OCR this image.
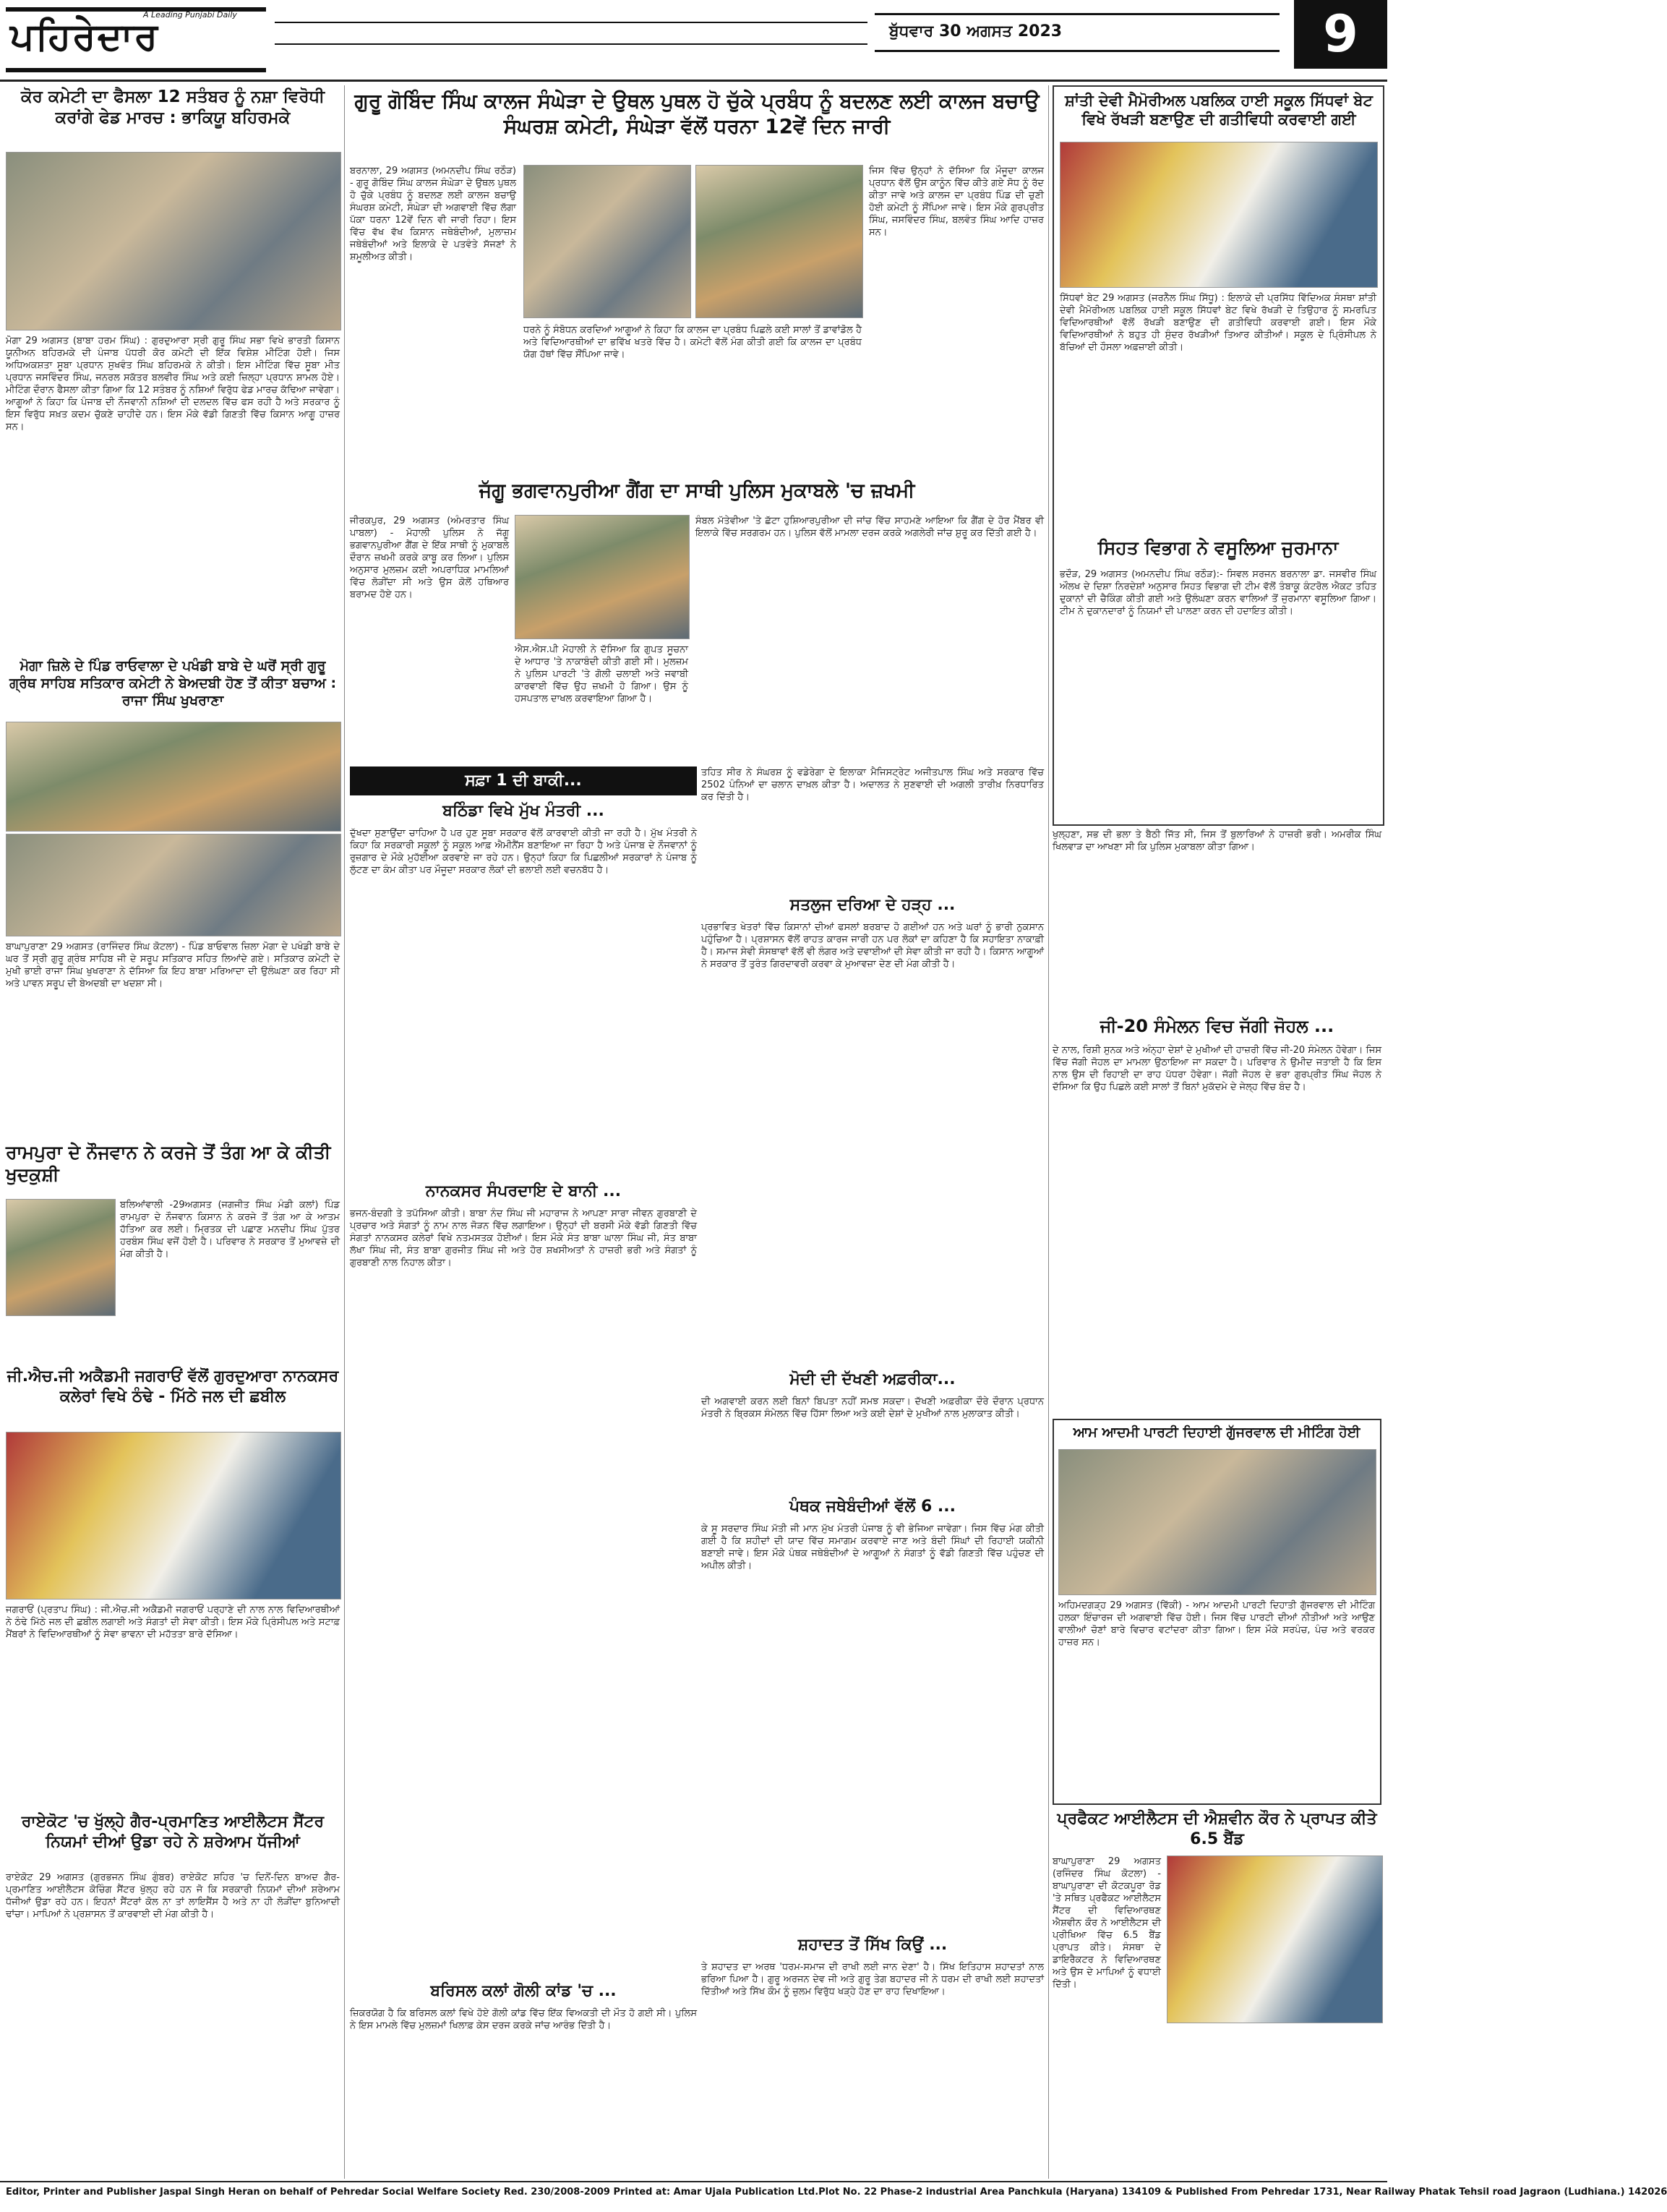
ਪਹਿਰੇਦਾਰ
A Leading Punjabi Daily
ਬੁੱਧਵਾਰ 30 ਅਗਸਤ 2023	9
ਕੋਰ ਕਮੇਟੀ ਦਾ ਫੈਸਲਾ 12 ਸਤੰਬਰ ਨੂੰ ਨਸ਼ਾ ਵਿਰੋਧੀ ਕਰਾਂਗੇ ਫੇਡ ਮਾਰਚ : ਭਾਕਿਯੂ ਬਹਿਰਮਕੇ
ਮੋਗਾ 29 ਅਗਸਤ (ਬਾਬਾ ਹਰਮ ਸਿੰਘ) : ਗੁਰਦੁਆਰਾ ਸ੍ਰੀ ਗੁਰੂ ਸਿੰਘ ਸਭਾ ਵਿਖੇ ਭਾਰਤੀ ਕਿਸਾਨ ਯੂਨੀਅਨ ਬਹਿਰਮਕੇ ਦੀ ਪੰਜਾਬ ਪੱਧਰੀ ਕੋਰ ਕਮੇਟੀ ਦੀ ਇੱਕ ਵਿਸ਼ੇਸ਼ ਮੀਟਿੰਗ ਹੋਈ। ਜਿਸ ਅਧਿਅਕਸ਼ਤਾ ਸੂਬਾ ਪ੍ਰਧਾਨ ਸੁਖਵੰਤ ਸਿੰਘ ਬਹਿਰਮਕੇ ਨੇ ਕੀਤੀ। ਇਸ ਮੀਟਿੰਗ ਵਿੱਚ ਸੂਬਾ ਮੀਤ ਪ੍ਰਧਾਨ ਜਸਵਿੰਦਰ ਸਿੰਘ, ਜਨਰਲ ਸਕੱਤਰ ਬਲਵੀਰ ਸਿੰਘ ਅਤੇ ਕਈ ਜ਼ਿਲ੍ਹਾ ਪ੍ਰਧਾਨ ਸ਼ਾਮਲ ਹੋਏ। ਮੀਟਿੰਗ ਦੌਰਾਨ ਫੈਸਲਾ ਕੀਤਾ ਗਿਆ ਕਿ 12 ਸਤੰਬਰ ਨੂੰ ਨਸ਼ਿਆਂ ਵਿਰੁੱਧ ਫੇਡ ਮਾਰਚ ਕੱਢਿਆ ਜਾਵੇਗਾ। ਆਗੂਆਂ ਨੇ ਕਿਹਾ ਕਿ ਪੰਜਾਬ ਦੀ ਨੌਜਵਾਨੀ ਨਸ਼ਿਆਂ ਦੀ ਦਲਦਲ ਵਿੱਚ ਫਸ ਰਹੀ ਹੈ ਅਤੇ ਸਰਕਾਰ ਨੂੰ ਇਸ ਵਿਰੁੱਧ ਸਖ਼ਤ ਕਦਮ ਚੁੱਕਣੇ ਚਾਹੀਦੇ ਹਨ। ਇਸ ਮੌਕੇ ਵੱਡੀ ਗਿਣਤੀ ਵਿੱਚ ਕਿਸਾਨ ਆਗੂ ਹਾਜ਼ਰ ਸਨ।
ਮੋਗਾ ਜ਼ਿਲੇ ਦੇ ਪਿੰਡ ਰਾਓਵਾਲਾ ਦੇ ਪਖੰਡੀ ਬਾਬੇ ਦੇ ਘਰੋਂ ਸ੍ਰੀ ਗੁਰੂ ਗ੍ਰੰਥ ਸਾਹਿਬ ਸਤਿਕਾਰ ਕਮੇਟੀ ਨੇ ਬੇਅਦਬੀ ਹੋਣ ਤੋਂ ਕੀਤਾ ਬਚਾਅ : ਰਾਜਾ ਸਿੰਘ ਖੁਖਰਾਣਾ
ਬਾਘਾਪੁਰਾਣਾ 29 ਅਗਸਤ (ਰਾਜਿੰਦਰ ਸਿੰਘ ਕੋਟਲਾ) - ਪਿੰਡ ਬਾਓਵਾਲ ਜ਼ਿਲਾ ਮੋਗਾ ਦੇ ਪਖੰਡੀ ਬਾਬੇ ਦੇ ਘਰ ਤੋਂ ਸ੍ਰੀ ਗੁਰੂ ਗ੍ਰੰਥ ਸਾਹਿਬ ਜੀ ਦੇ ਸਰੂਪ ਸਤਿਕਾਰ ਸਹਿਤ ਲਿਆਂਦੇ ਗਏ। ਸਤਿਕਾਰ ਕਮੇਟੀ ਦੇ ਮੁਖੀ ਭਾਈ ਰਾਜਾ ਸਿੰਘ ਖੁਖਰਾਣਾ ਨੇ ਦੱਸਿਆ ਕਿ ਇਹ ਬਾਬਾ ਮਰਿਆਦਾ ਦੀ ਉਲੰਘਣਾ ਕਰ ਰਿਹਾ ਸੀ ਅਤੇ ਪਾਵਨ ਸਰੂਪ ਦੀ ਬੇਅਦਬੀ ਦਾ ਖਦਸ਼ਾ ਸੀ।
ਰਾਮਪੁਰਾ ਦੇ ਨੌਜਵਾਨ ਨੇ ਕਰਜੇ ਤੋਂ ਤੰਗ ਆ ਕੇ ਕੀਤੀ ਖੁਦਕੁਸ਼ੀ
ਬਲਿਆਂਵਾਲੀ -29ਅਗਸਤ (ਜਗਜੀਤ ਸਿੰਘ ਮੰਡੀ ਕਲਾਂ) ਪਿੰਡ ਰਾਮਪੁਰਾ ਦੇ ਨੌਜਵਾਨ ਕਿਸਾਨ ਨੇ ਕਰਜੇ ਤੋਂ ਤੰਗ ਆ ਕੇ ਆਤਮ ਹੱਤਿਆ ਕਰ ਲਈ। ਮ੍ਰਿਤਕ ਦੀ ਪਛਾਣ ਮਨਦੀਪ ਸਿੰਘ ਪੁੱਤਰ ਹਰਬੰਸ ਸਿੰਘ ਵਜੋਂ ਹੋਈ ਹੈ। ਪਰਿਵਾਰ ਨੇ ਸਰਕਾਰ ਤੋਂ ਮੁਆਵਜ਼ੇ ਦੀ ਮੰਗ ਕੀਤੀ ਹੈ।
ਜੀ.ਐਚ.ਜੀ ਅਕੈਡਮੀ ਜਗਰਾਓਂ ਵੱਲੋਂ ਗੁਰਦੁਆਰਾ ਨਾਨਕਸਰ ਕਲੇਰਾਂ ਵਿਖੇ ਠੰਢੇ - ਮਿੱਠੇ ਜਲ ਦੀ ਛਬੀਲ
ਜਗਰਾਓਂ (ਪ੍ਰਤਾਪ ਸਿੰਘ) : ਜੀ.ਐਚ.ਜੀ ਅਕੈਡਮੀ ਜਗਰਾਓਂ ਪਰ੍ਹਾਣੇ ਦੀ ਨਾਲ ਨਾਲ ਵਿਦਿਆਰਥੀਆਂ ਨੇ ਠੰਢੇ ਮਿੱਠੇ ਜਲ ਦੀ ਛਬੀਲ ਲਗਾਈ ਅਤੇ ਸੰਗਤਾਂ ਦੀ ਸੇਵਾ ਕੀਤੀ। ਇਸ ਮੌਕੇ ਪ੍ਰਿੰਸੀਪਲ ਅਤੇ ਸਟਾਫ਼ ਮੈਂਬਰਾਂ ਨੇ ਵਿਦਿਆਰਥੀਆਂ ਨੂੰ ਸੇਵਾ ਭਾਵਨਾ ਦੀ ਮਹੱਤਤਾ ਬਾਰੇ ਦੱਸਿਆ।
ਰਾਏਕੋਟ 'ਚ ਖੁੱਲ੍ਹੇ ਗੈਰ-ਪ੍ਰਮਾਣਿਤ ਆਈਲੈਟਸ ਸੈਂਟਰ ਨਿਯਮਾਂ ਦੀਆਂ ਉਡਾ ਰਹੇ ਨੇ ਸ਼ਰੇਆਮ ਧੱਜੀਆਂ
ਰਾਏਕੋਟ 29 ਅਗਸਤ (ਗੁਰਭਜਨ ਸਿੰਘ ਗੁੰਬਰ) ਰਾਏਕੋਟ ਸ਼ਹਿਰ 'ਚ ਦਿਨੋਂ-ਦਿਨ ਬਾਅਦ ਗੈਰ-ਪ੍ਰਮਾਣਿਤ ਆਈਲੈਟਸ ਕੋਚਿੰਗ ਸੈਂਟਰ ਖੁੱਲ੍ਹ ਰਹੇ ਹਨ ਜੋ ਕਿ ਸਰਕਾਰੀ ਨਿਯਮਾਂ ਦੀਆਂ ਸ਼ਰੇਆਮ ਧੱਜੀਆਂ ਉਡਾ ਰਹੇ ਹਨ। ਇਹਨਾਂ ਸੈਂਟਰਾਂ ਕੋਲ ਨਾ ਤਾਂ ਲਾਇਸੈਂਸ ਹੈ ਅਤੇ ਨਾ ਹੀ ਲੋੜੀਂਦਾ ਬੁਨਿਆਦੀ ਢਾਂਚਾ। ਮਾਪਿਆਂ ਨੇ ਪ੍ਰਸ਼ਾਸਨ ਤੋਂ ਕਾਰਵਾਈ ਦੀ ਮੰਗ ਕੀਤੀ ਹੈ।
ਗੁਰੂ ਗੋਬਿੰਦ ਸਿੰਘ ਕਾਲਜ ਸੰਘੇੜਾ ਦੇ ਉਥਲ ਪੁਥਲ ਹੋ ਚੁੱਕੇ ਪ੍ਰਬੰਧ ਨੂੰ ਬਦਲਣ ਲਈ ਕਾਲਜ ਬਚਾਉ ਸੰਘਰਸ਼ ਕਮੇਟੀ, ਸੰਘੇੜਾ ਵੱਲੋਂ ਧਰਨਾ 12ਵੇਂ ਦਿਨ ਜਾਰੀ
ਬਰਨਾਲਾ, 29 ਅਗਸਤ (ਅਮਨਦੀਪ ਸਿੰਘ ਰਠੌੜ) - ਗੁਰੂ ਗੋਬਿੰਦ ਸਿੰਘ ਕਾਲਜ ਸੰਘੇੜਾ ਦੇ ਉਥਲ ਪੁਥਲ ਹੋ ਚੁੱਕੇ ਪ੍ਰਬੰਧ ਨੂੰ ਬਦਲਣ ਲਈ ਕਾਲਜ ਬਚਾਉ ਸੰਘਰਸ਼ ਕਮੇਟੀ, ਸੰਘੇੜਾ ਦੀ ਅਗਵਾਈ ਵਿੱਚ ਲੱਗਾ ਪੱਕਾ ਧਰਨਾ 12ਵੇਂ ਦਿਨ ਵੀ ਜਾਰੀ ਰਿਹਾ। ਇਸ ਵਿੱਚ ਵੱਖ ਵੱਖ ਕਿਸਾਨ ਜਥੇਬੰਦੀਆਂ, ਮੁਲਾਜ਼ਮ ਜਥੇਬੰਦੀਆਂ ਅਤੇ ਇਲਾਕੇ ਦੇ ਪਤਵੰਤੇ ਸੱਜਣਾਂ ਨੇ ਸ਼ਮੂਲੀਅਤ ਕੀਤੀ।
ਧਰਨੇ ਨੂੰ ਸੰਬੋਧਨ ਕਰਦਿਆਂ ਆਗੂਆਂ ਨੇ ਕਿਹਾ ਕਿ ਕਾਲਜ ਦਾ ਪ੍ਰਬੰਧ ਪਿਛਲੇ ਕਈ ਸਾਲਾਂ ਤੋਂ ਡਾਵਾਂਡੋਲ ਹੈ ਅਤੇ ਵਿਦਿਆਰਥੀਆਂ ਦਾ ਭਵਿੱਖ ਖਤਰੇ ਵਿੱਚ ਹੈ। ਕਮੇਟੀ ਵੱਲੋਂ ਮੰਗ ਕੀਤੀ ਗਈ ਕਿ ਕਾਲਜ ਦਾ ਪ੍ਰਬੰਧ ਯੋਗ ਹੱਥਾਂ ਵਿੱਚ ਸੌਂਪਿਆ ਜਾਵੇ।
ਜਿਸ ਵਿੱਚ ਉਨ੍ਹਾਂ ਨੇ ਦੱਸਿਆ ਕਿ ਮੌਜੂਦਾ ਕਾਲਜ ਪ੍ਰਧਾਨ ਵੱਲੋਂ ਉਸ ਕਾਨੂੰਨ ਵਿੱਚ ਕੀਤੇ ਗਏ ਸੋਧ ਨੂੰ ਰੱਦ ਕੀਤਾ ਜਾਵੇ ਅਤੇ ਕਾਲਜ ਦਾ ਪ੍ਰਬੰਧ ਪਿੰਡ ਦੀ ਚੁਣੀ ਹੋਈ ਕਮੇਟੀ ਨੂੰ ਸੌਂਪਿਆ ਜਾਵੇ। ਇਸ ਮੌਕੇ ਗੁਰਪ੍ਰੀਤ ਸਿੰਘ, ਜਸਵਿੰਦਰ ਸਿੰਘ, ਬਲਵੰਤ ਸਿੰਘ ਆਦਿ ਹਾਜ਼ਰ ਸਨ।
ਜੱਗੂ ਭਗਵਾਨਪੁਰੀਆ ਗੈਂਗ ਦਾ ਸਾਥੀ ਪੁਲਿਸ ਮੁਕਾਬਲੇ 'ਚ ਜ਼ਖਮੀ
ਜੀਰਕਪੁਰ, 29 ਅਗਸਤ (ਅੰਮਰਤਾਰ ਸਿੰਘ ਪਾਬਲਾ) - ਮੋਹਾਲੀ ਪੁਲਿਸ ਨੇ ਜੱਗੂ ਭਗਵਾਨਪੁਰੀਆ ਗੈਂਗ ਦੇ ਇੱਕ ਸਾਥੀ ਨੂੰ ਮੁਕਾਬਲੇ ਦੌਰਾਨ ਜ਼ਖਮੀ ਕਰਕੇ ਕਾਬੂ ਕਰ ਲਿਆ। ਪੁਲਿਸ ਅਨੁਸਾਰ ਮੁਲਜ਼ਮ ਕਈ ਅਪਰਾਧਿਕ ਮਾਮਲਿਆਂ ਵਿੱਚ ਲੋੜੀਂਦਾ ਸੀ ਅਤੇ ਉਸ ਕੋਲੋਂ ਹਥਿਆਰ ਬਰਾਮਦ ਹੋਏ ਹਨ।
ਐਸ.ਐਸ.ਪੀ ਮੋਹਾਲੀ ਨੇ ਦੱਸਿਆ ਕਿ ਗੁਪਤ ਸੂਚਨਾ ਦੇ ਆਧਾਰ 'ਤੇ ਨਾਕਾਬੰਦੀ ਕੀਤੀ ਗਈ ਸੀ। ਮੁਲਜ਼ਮ ਨੇ ਪੁਲਿਸ ਪਾਰਟੀ 'ਤੇ ਗੋਲੀ ਚਲਾਈ ਅਤੇ ਜਵਾਬੀ ਕਾਰਵਾਈ ਵਿੱਚ ਉਹ ਜ਼ਖਮੀ ਹੋ ਗਿਆ। ਉਸ ਨੂੰ ਹਸਪਤਾਲ ਦਾਖਲ ਕਰਵਾਇਆ ਗਿਆ ਹੈ।
ਸੰਬਲ ਮੱਤੇਵੀਆ 'ਤੇ ਛੱਟਾ ਹੁਸ਼ਿਆਰਪੁਰੀਆ ਦੀ ਜਾਂਚ ਵਿੱਚ ਸਾਹਮਣੇ ਆਇਆ ਕਿ ਗੈਂਗ ਦੇ ਹੋਰ ਮੈਂਬਰ ਵੀ ਇਲਾਕੇ ਵਿੱਚ ਸਰਗਰਮ ਹਨ। ਪੁਲਿਸ ਵੱਲੋਂ ਮਾਮਲਾ ਦਰਜ ਕਰਕੇ ਅਗਲੇਰੀ ਜਾਂਚ ਸ਼ੁਰੂ ਕਰ ਦਿੱਤੀ ਗਈ ਹੈ।
ਸ਼ਾਂਤੀ ਦੇਵੀ ਮੈਮੋਰੀਅਲ ਪਬਲਿਕ ਹਾਈ ਸਕੂਲ ਸਿੱਧਵਾਂ ਬੇਟ ਵਿਖੇ ਰੱਖੜੀ ਬਣਾਉਣ ਦੀ ਗਤੀਵਿਧੀ ਕਰਵਾਈ ਗਈ
ਸਿੱਧਵਾਂ ਬੇਟ 29 ਅਗਸਤ (ਜਰਨੈਲ ਸਿੰਘ ਸਿੱਧੂ) : ਇਲਾਕੇ ਦੀ ਪ੍ਰਸਿੱਧ ਵਿੱਦਿਅਕ ਸੰਸਥਾ ਸ਼ਾਂਤੀ ਦੇਵੀ ਮੈਮੋਰੀਅਲ ਪਬਲਿਕ ਹਾਈ ਸਕੂਲ ਸਿੱਧਵਾਂ ਬੇਟ ਵਿਖੇ ਰੱਖੜੀ ਦੇ ਤਿਉਹਾਰ ਨੂੰ ਸਮਰਪਿਤ ਵਿਦਿਆਰਥੀਆਂ ਵੱਲੋਂ ਰੱਖੜੀ ਬਣਾਉਣ ਦੀ ਗਤੀਵਿਧੀ ਕਰਵਾਈ ਗਈ। ਇਸ ਮੌਕੇ ਵਿਦਿਆਰਥੀਆਂ ਨੇ ਬਹੁਤ ਹੀ ਸੁੰਦਰ ਰੱਖੜੀਆਂ ਤਿਆਰ ਕੀਤੀਆਂ। ਸਕੂਲ ਦੇ ਪ੍ਰਿੰਸੀਪਲ ਨੇ ਬੱਚਿਆਂ ਦੀ ਹੌਸਲਾ ਅਫ਼ਜ਼ਾਈ ਕੀਤੀ।
ਸਿਹਤ ਵਿਭਾਗ ਨੇ ਵਸੂਲਿਆ ਜੁਰਮਾਨਾ
ਭਦੌੜ, 29 ਅਗਸਤ (ਅਮਨਦੀਪ ਸਿੰਘ ਰਠੌੜ):- ਸਿਵਲ ਸਰਜਨ ਬਰਨਾਲਾ ਡਾ. ਜਸਵੀਰ ਸਿੰਘ ਔਲਖ ਦੇ ਦਿਸ਼ਾ ਨਿਰਦੇਸ਼ਾਂ ਅਨੁਸਾਰ ਸਿਹਤ ਵਿਭਾਗ ਦੀ ਟੀਮ ਵੱਲੋਂ ਤੰਬਾਕੂ ਕੰਟਰੋਲ ਐਕਟ ਤਹਿਤ ਦੁਕਾਨਾਂ ਦੀ ਚੈਕਿੰਗ ਕੀਤੀ ਗਈ ਅਤੇ ਉਲੰਘਣਾ ਕਰਨ ਵਾਲਿਆਂ ਤੋਂ ਜੁਰਮਾਨਾ ਵਸੂਲਿਆ ਗਿਆ। ਟੀਮ ਨੇ ਦੁਕਾਨਦਾਰਾਂ ਨੂੰ ਨਿਯਮਾਂ ਦੀ ਪਾਲਣਾ ਕਰਨ ਦੀ ਹਦਾਇਤ ਕੀਤੀ।
ਸਫ਼ਾ 1 ਦੀ ਬਾਕੀ...
ਬਠਿੰਡਾ ਵਿਖੇ ਮੁੱਖ ਮੰਤਰੀ ...
ਦੁੱਖਦਾ ਸੁਣਾਉਂਦਾ ਚਾਹਿਆ ਹੈ ਪਰ ਹੁਣ ਸੂਬਾ ਸਰਕਾਰ ਵੱਲੋਂ ਕਾਰਵਾਈ ਕੀਤੀ ਜਾ ਰਹੀ ਹੈ। ਮੁੱਖ ਮੰਤਰੀ ਨੇ ਕਿਹਾ ਕਿ ਸਰਕਾਰੀ ਸਕੂਲਾਂ ਨੂੰ ਸਕੂਲ ਆਫ਼ ਐਮੀਨੈਂਸ ਬਣਾਇਆ ਜਾ ਰਿਹਾ ਹੈ ਅਤੇ ਪੰਜਾਬ ਦੇ ਨੌਜਵਾਨਾਂ ਨੂੰ ਰੁਜ਼ਗਾਰ ਦੇ ਮੌਕੇ ਮੁਹੱਈਆ ਕਰਵਾਏ ਜਾ ਰਹੇ ਹਨ। ਉਨ੍ਹਾਂ ਕਿਹਾ ਕਿ ਪਿਛਲੀਆਂ ਸਰਕਾਰਾਂ ਨੇ ਪੰਜਾਬ ਨੂੰ ਲੁੱਟਣ ਦਾ ਕੰਮ ਕੀਤਾ ਪਰ ਮੌਜੂਦਾ ਸਰਕਾਰ ਲੋਕਾਂ ਦੀ ਭਲਾਈ ਲਈ ਵਚਨਬੱਧ ਹੈ।
ਨਾਨਕਸਰ ਸੰਪਰਦਾਇ ਦੇ ਬਾਨੀ ...
ਭਜਨ-ਬੰਦਗੀ ਤੇ ਤਪੱਸਿਆ ਕੀਤੀ। ਬਾਬਾ ਨੰਦ ਸਿੰਘ ਜੀ ਮਹਾਰਾਜ ਨੇ ਆਪਣਾ ਸਾਰਾ ਜੀਵਨ ਗੁਰਬਾਣੀ ਦੇ ਪ੍ਰਚਾਰ ਅਤੇ ਸੰਗਤਾਂ ਨੂੰ ਨਾਮ ਨਾਲ ਜੋੜਨ ਵਿੱਚ ਲਗਾਇਆ। ਉਨ੍ਹਾਂ ਦੀ ਬਰਸੀ ਮੌਕੇ ਵੱਡੀ ਗਿਣਤੀ ਵਿੱਚ ਸੰਗਤਾਂ ਨਾਨਕਸਰ ਕਲੇਰਾਂ ਵਿਖੇ ਨਤਮਸਤਕ ਹੋਈਆਂ। ਇਸ ਮੌਕੇ ਸੰਤ ਬਾਬਾ ਘਾਲਾ ਸਿੰਘ ਜੀ, ਸੰਤ ਬਾਬਾ ਲੱਖਾ ਸਿੰਘ ਜੀ, ਸੰਤ ਬਾਬਾ ਗੁਰਜੀਤ ਸਿੰਘ ਜੀ ਅਤੇ ਹੋਰ ਸ਼ਖਸੀਅਤਾਂ ਨੇ ਹਾਜ਼ਰੀ ਭਰੀ ਅਤੇ ਸੰਗਤਾਂ ਨੂੰ ਗੁਰਬਾਣੀ ਨਾਲ ਨਿਹਾਲ ਕੀਤਾ।
ਬਰਿਸਲ ਕਲਾਂ ਗੋਲੀ ਕਾਂਡ 'ਚ ...
ਜ਼ਿਕਰਯੋਗ ਹੈ ਕਿ ਬਰਿਸਲ ਕਲਾਂ ਵਿਖੇ ਹੋਏ ਗੋਲੀ ਕਾਂਡ ਵਿੱਚ ਇੱਕ ਵਿਅਕਤੀ ਦੀ ਮੌਤ ਹੋ ਗਈ ਸੀ। ਪੁਲਿਸ ਨੇ ਇਸ ਮਾਮਲੇ ਵਿੱਚ ਮੁਲਜ਼ਮਾਂ ਖਿਲਾਫ਼ ਕੇਸ ਦਰਜ ਕਰਕੇ ਜਾਂਚ ਆਰੰਭ ਦਿੱਤੀ ਹੈ।
ਤਹਿਤ ਸੀਰ ਨੇ ਸੰਘਰਸ਼ ਨੂੰ ਵਡੇਰੇਗਾ ਦੇ ਇਲਾਕਾ ਮੈਜਿਸਟ੍ਰੇਟ ਅਜੀਤਪਾਲ ਸਿੰਘ ਅਤੇ ਸਰਕਾਰ ਵਿੱਚ 2502 ਪੰਨਿਆਂ ਦਾ ਚਲਾਨ ਦਾਖ਼ਲ ਕੀਤਾ ਹੈ। ਅਦਾਲਤ ਨੇ ਸੁਣਵਾਈ ਦੀ ਅਗਲੀ ਤਾਰੀਖ਼ ਨਿਰਧਾਰਿਤ ਕਰ ਦਿੱਤੀ ਹੈ।
ਸਤਲੁਜ ਦਰਿਆ ਦੇ ਹੜ੍ਹ ...
ਪ੍ਰਭਾਵਿਤ ਖੇਤਰਾਂ ਵਿੱਚ ਕਿਸਾਨਾਂ ਦੀਆਂ ਫਸਲਾਂ ਬਰਬਾਦ ਹੋ ਗਈਆਂ ਹਨ ਅਤੇ ਘਰਾਂ ਨੂੰ ਭਾਰੀ ਨੁਕਸਾਨ ਪਹੁੰਚਿਆ ਹੈ। ਪ੍ਰਸ਼ਾਸਨ ਵੱਲੋਂ ਰਾਹਤ ਕਾਰਜ ਜਾਰੀ ਹਨ ਪਰ ਲੋਕਾਂ ਦਾ ਕਹਿਣਾ ਹੈ ਕਿ ਸਹਾਇਤਾ ਨਾਕਾਫ਼ੀ ਹੈ। ਸਮਾਜ ਸੇਵੀ ਸੰਸਥਾਵਾਂ ਵੱਲੋਂ ਵੀ ਲੰਗਰ ਅਤੇ ਦਵਾਈਆਂ ਦੀ ਸੇਵਾ ਕੀਤੀ ਜਾ ਰਹੀ ਹੈ। ਕਿਸਾਨ ਆਗੂਆਂ ਨੇ ਸਰਕਾਰ ਤੋਂ ਤੁਰੰਤ ਗਿਰਦਾਵਰੀ ਕਰਵਾ ਕੇ ਮੁਆਵਜ਼ਾ ਦੇਣ ਦੀ ਮੰਗ ਕੀਤੀ ਹੈ।
ਮੋਦੀ ਦੀ ਦੱਖਣੀ ਅਫ਼ਰੀਕਾ...
ਦੀ ਅਗਵਾਈ ਕਰਨ ਲਈ ਬਿਨਾਂ ਬਿਪਤਾ ਨਹੀਂ ਸਮਝ ਸਕਦਾ। ਦੱਖਣੀ ਅਫ਼ਰੀਕਾ ਦੌਰੇ ਦੌਰਾਨ ਪ੍ਰਧਾਨ ਮੰਤਰੀ ਨੇ ਬ੍ਰਿਕਸ ਸੰਮੇਲਨ ਵਿੱਚ ਹਿੱਸਾ ਲਿਆ ਅਤੇ ਕਈ ਦੇਸ਼ਾਂ ਦੇ ਮੁਖੀਆਂ ਨਾਲ ਮੁਲਾਕਾਤ ਕੀਤੀ।
ਪੰਥਕ ਜਥੇਬੰਦੀਆਂ ਵੱਲੋਂ 6 ...
ਕੇ ਸੂ ਸਰਦਾਰ ਸਿੰਘ ਮੱਤੀ ਜੀ ਮਾਨ ਮੁੱਖ ਮੰਤਰੀ ਪੰਜਾਬ ਨੂੰ ਵੀ ਭੇਜਿਆ ਜਾਵੇਗਾ। ਜਿਸ ਵਿੱਚ ਮੰਗ ਕੀਤੀ ਗਈ ਹੈ ਕਿ ਸ਼ਹੀਦਾਂ ਦੀ ਯਾਦ ਵਿੱਚ ਸਮਾਗਮ ਕਰਵਾਏ ਜਾਣ ਅਤੇ ਬੰਦੀ ਸਿੰਘਾਂ ਦੀ ਰਿਹਾਈ ਯਕੀਨੀ ਬਣਾਈ ਜਾਵੇ। ਇਸ ਮੌਕੇ ਪੰਥਕ ਜਥੇਬੰਦੀਆਂ ਦੇ ਆਗੂਆਂ ਨੇ ਸੰਗਤਾਂ ਨੂੰ ਵੱਡੀ ਗਿਣਤੀ ਵਿੱਚ ਪਹੁੰਚਣ ਦੀ ਅਪੀਲ ਕੀਤੀ।
ਸ਼ਹਾਦਤ ਤੋਂ ਸਿੱਖ ਕਿਉਂ ...
ਤੇ ਸ਼ਹਾਦਤ ਦਾ ਅਰਥ 'ਧਰਮ-ਸਮਾਜ ਦੀ ਰਾਖੀ ਲਈ ਜਾਨ ਦੇਣਾ' ਹੈ। ਸਿੱਖ ਇਤਿਹਾਸ ਸ਼ਹਾਦਤਾਂ ਨਾਲ ਭਰਿਆ ਪਿਆ ਹੈ। ਗੁਰੂ ਅਰਜਨ ਦੇਵ ਜੀ ਅਤੇ ਗੁਰੂ ਤੇਗ ਬਹਾਦਰ ਜੀ ਨੇ ਧਰਮ ਦੀ ਰਾਖੀ ਲਈ ਸ਼ਹਾਦਤਾਂ ਦਿੱਤੀਆਂ ਅਤੇ ਸਿੱਖ ਕੌਮ ਨੂੰ ਜ਼ੁਲਮ ਵਿਰੁੱਧ ਖੜ੍ਹੇ ਹੋਣ ਦਾ ਰਾਹ ਦਿਖਾਇਆ।
ਖੁਲ੍ਹਣਾ, ਸਭ ਦੀ ਭਲਾ ਤੇ ਬੈਠੀ ਜਿੱਤ ਸੀ, ਜਿਸ ਤੋਂ ਬੁਲਾਰਿਆਂ ਨੇ ਹਾਜ਼ਰੀ ਭਰੀ। ਅਮਰੀਕ ਸਿੰਘ ਖਿਲਵਾੜ ਦਾ ਆਖਣਾ ਸੀ ਕਿ ਪੁਲਿਸ ਮੁਕਾਬਲਾ ਕੀਤਾ ਗਿਆ।
ਜੀ-20 ਸੰਮੇਲਨ ਵਿਚ ਜੱਗੀ ਜੋਹਲ ...
ਦੇ ਨਾਲ, ਰਿਸ਼ੀ ਸੁਨਕ ਅਤੇ ਅੰਨ੍ਹਾ ਦੇਸ਼ਾਂ ਦੇ ਮੁਖੀਆਂ ਦੀ ਹਾਜ਼ਰੀ ਵਿੱਚ ਜੀ-20 ਸੰਮੇਲਨ ਹੋਵੇਗਾ। ਜਿਸ ਵਿੱਚ ਜੱਗੀ ਜੋਹਲ ਦਾ ਮਾਮਲਾ ਉਠਾਇਆ ਜਾ ਸਕਦਾ ਹੈ। ਪਰਿਵਾਰ ਨੇ ਉਮੀਦ ਜਤਾਈ ਹੈ ਕਿ ਇਸ ਨਾਲ ਉਸ ਦੀ ਰਿਹਾਈ ਦਾ ਰਾਹ ਪੱਧਰਾ ਹੋਵੇਗਾ। ਜੱਗੀ ਜੋਹਲ ਦੇ ਭਰਾ ਗੁਰਪ੍ਰੀਤ ਸਿੰਘ ਜੋਹਲ ਨੇ ਦੱਸਿਆ ਕਿ ਉਹ ਪਿਛਲੇ ਕਈ ਸਾਲਾਂ ਤੋਂ ਬਿਨਾਂ ਮੁਕੱਦਮੇ ਦੇ ਜੇਲ੍ਹ ਵਿੱਚ ਬੰਦ ਹੈ।
ਆਮ ਆਦਮੀ ਪਾਰਟੀ ਦਿਹਾਈ ਗੁੱਜਰਵਾਲ ਦੀ ਮੀਟਿੰਗ ਹੋਈ
ਅਹਿਮਦਗੜ੍ਹ 29 ਅਗਸਤ (ਵਿੱਕੀ) - ਆਮ ਆਦਮੀ ਪਾਰਟੀ ਦਿਹਾਤੀ ਗੁੱਜਰਵਾਲ ਦੀ ਮੀਟਿੰਗ ਹਲਕਾ ਇੰਚਾਰਜ ਦੀ ਅਗਵਾਈ ਵਿੱਚ ਹੋਈ। ਜਿਸ ਵਿੱਚ ਪਾਰਟੀ ਦੀਆਂ ਨੀਤੀਆਂ ਅਤੇ ਆਉਣ ਵਾਲੀਆਂ ਚੋਣਾਂ ਬਾਰੇ ਵਿਚਾਰ ਵਟਾਂਦਰਾ ਕੀਤਾ ਗਿਆ। ਇਸ ਮੌਕੇ ਸਰਪੰਚ, ਪੰਚ ਅਤੇ ਵਰਕਰ ਹਾਜ਼ਰ ਸਨ।
ਪ੍ਰਫੈਕਟ ਆਈਲੈਟਸ ਦੀ ਐਸ਼ਵੀਨ ਕੌਰ ਨੇ ਪ੍ਰਾਪਤ ਕੀਤੇ 6.5 ਬੈਂਡ
ਬਾਘਾਪੁਰਾਣਾ 29 ਅਗਸਤ (ਰਜਿੰਦਰ ਸਿੰਘ ਕੋਟਲਾ) - ਬਾਘਾਪੁਰਾਣਾ ਦੀ ਕੋਟਕਪੂਰਾ ਰੋਡ 'ਤੇ ਸਥਿਤ ਪ੍ਰਫੈਕਟ ਆਈਲੈਟਸ ਸੈਂਟਰ ਦੀ ਵਿਦਿਆਰਥਣ ਐਸ਼ਵੀਨ ਕੌਰ ਨੇ ਆਈਲੈਟਸ ਦੀ ਪ੍ਰੀਖਿਆ ਵਿੱਚ 6.5 ਬੈਂਡ ਪ੍ਰਾਪਤ ਕੀਤੇ। ਸੰਸਥਾ ਦੇ ਡਾਇਰੈਕਟਰ ਨੇ ਵਿਦਿਆਰਥਣ ਅਤੇ ਉਸ ਦੇ ਮਾਪਿਆਂ ਨੂੰ ਵਧਾਈ ਦਿੱਤੀ।
Editor, Printer and Publisher Jaspal Singh Heran on behalf of Pehredar Social Welfare Society Red. 230/2008-2009 Printed at: Amar Ujala Publication Ltd.Plot No. 22 Phase-2 industrial Area Panchkula (Haryana) 134109 & Published From Pehredar 1731, Near Railway Phatak Tehsil road Jagraon (Ludhiana.) 142026
